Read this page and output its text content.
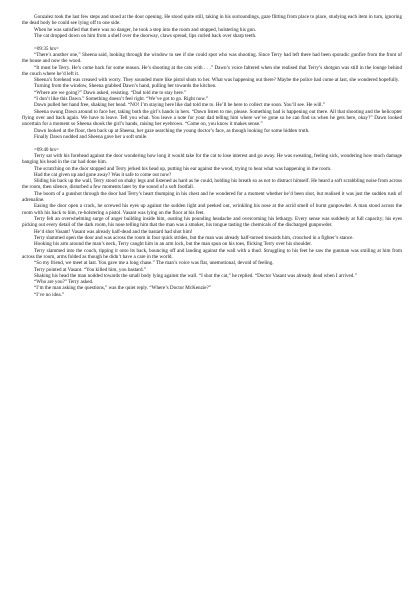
Gonzalez took the last few steps and stood at the door opening. He stood quite still, taking in his surroundings, gaze flitting from place to place, studying each item in turn, ignoring the dead body he could see lying off to one side.
When he was satisfied that there was no danger, he took a step into the room and stopped, holstering his gun.
The cat dropped down on him from a shelf over the doorway, claws spread, lips curled back over sharp teeth.
=09:35 hrs=
“There’s another one,” Sheena said, looking through the window to see if she could spot who was shooting. Since Terry had left there had been sporadic gunfire from the front of the house and now the wood.
“It must be Terry. He’s come back for some reason. He’s shooting at the cats with . . .” Dawn’s voice faltered when she realised that Terry’s shotgun was still in the lounge behind the couch where he’d left it.
Sheena’s forehead was creased with worry. They sounded more like pistol shots to her. What was happening out there? Maybe the police had come at last, she wondered hopefully.
Turning from the window, Sheena grabbed Dawn’s hand, pulling her towards the kitchen.
“Where are we going?” Dawn asked, resisting. “Dad told me to stay here.”
“I don’t like this Dawn.” Something doesn’t feel right. “We’ve got to go. Right now.”
Dawn pulled her hand free, shaking her head. “NO! I’m staying here like dad told me to. He’ll be here to collect me soon. You’ll see. He will.”
Sheena swung Dawn around to face her, taking both the girl’s hands in hers. “Dawn listen to me, please. Something bad is happening out there. All that shooting and the helicopter flying over and back again. We have to leave. Tell you what. You leave a note for your dad telling him where we’ve gone so he can find us when he gets here, okay?” Dawn looked uncertain for a moment so Sheena shook the girl’s hands, raising her eyebrows. “Come on, you know it makes sense.”
Dawn looked at the floor, then back up at Sheena, her gaze searching the young doctor’s face, as though looking for some hidden truth.
Finally Dawn nodded and Sheena gave her a soft smile.
=09:40 hrs=
Terry sat with his forehead against the door wondering how long it would take for the cat to lose interest and go away. He was sweating, feeling sick, wondering how much damage banging his head in the car had done him.
The scratching on the door stopped and Terry jerked his head up, putting his ear against the wood, trying to hear what was happening in the room.
Had the cat given up and gone away? Was it safe to come out now?
Sliding his back up the wall, Terry stood on shaky legs and listened as hard as he could, holding his breath so as not to distract himself. He heard a soft scrabbling noise from across the room, then silence, disturbed a few moments later by the sound of a soft footfall.
The boom of a gunshot through the door had Terry’s heart thumping in his chest and he wondered for a moment whether he’d been shot, but realised it was just the sudden rush of adrenaline.
Easing the door open a crack, he screwed his eyes up against the sudden light and peeked out, wrinkling his nose at the acrid smell of burnt gunpowder. A man stood across the room with his back to him, re-holstering a pistol. Vasant was lying on the floor at his feet.
Terry felt an overwhelming surge of anger building inside him, ousting his pounding headache and overcoming his lethargy. Every sense was suddenly at full capacity; his eyes picking out every detail of the dark room, his nose telling him that the man was a smoker, his tongue tasting the chemicals of the discharged gunpowder.
He’d shot Vasant! Vasant was already half-dead and the bastard had shot him!
Terry slammed open the door and was across the room in four quick strides, but the man was already half-turned towards him, crouched in a fighter’s stance.
Hooking his arm around the man’s neck, Terry caught him in an arm lock, but the man spun on his toes, flicking Terry over his shoulder.
Terry slammed into the couch, tipping it onto its back, bouncing off and landing against the wall with a thud. Struggling to his feet he saw the gunman was smiling at him from across the room, arms folded as though he didn’t have a care in the world.
“So my friend, we meet at last. You gave me a long chase.” The man’s voice was flat, unemotional, devoid of feeling.
Terry pointed at Vasant. “You killed him, you bastard.”
Shaking his head the man nodded towards the small body lying against the wall. “I shot the cat,” he replied. “Doctor Vasant was already dead when I arrived.”
“Who are you?” Terry asked.
“I’m the man asking the questions,” was the quiet reply. “Where’s Doctor McKenzie?”
“I’ve no idea.”
